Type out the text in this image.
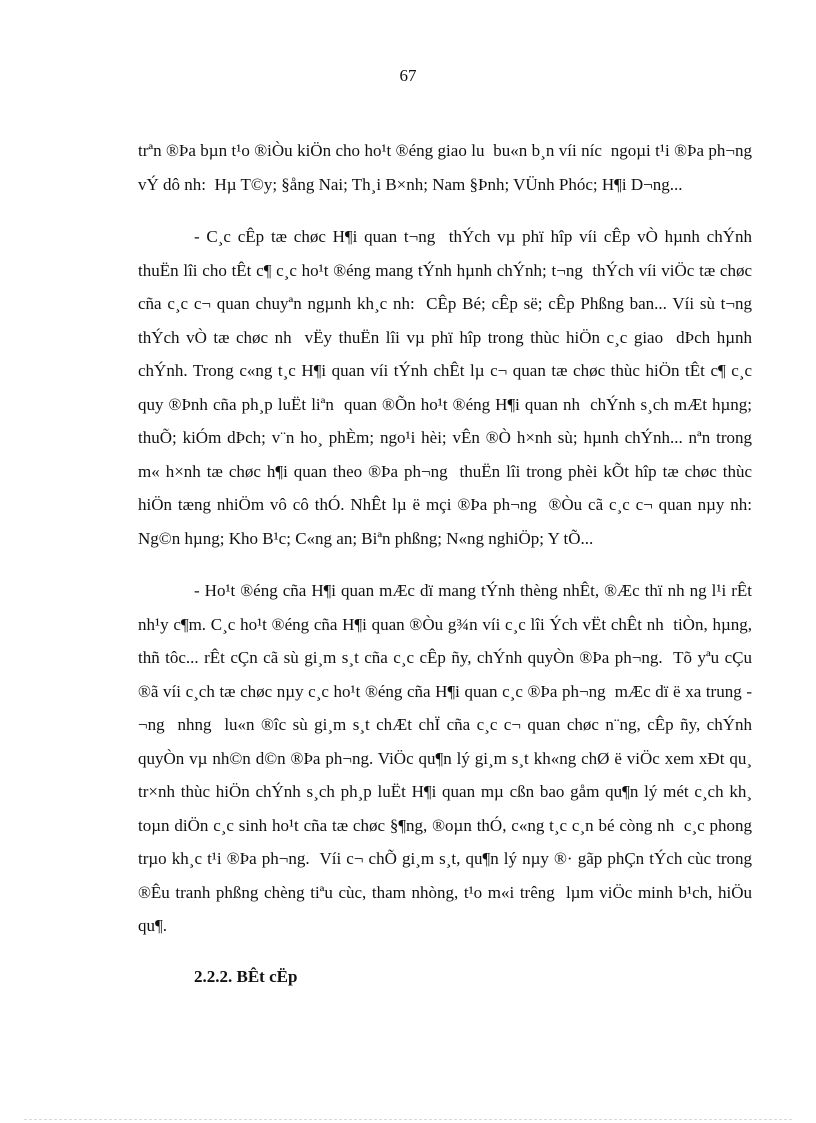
67

trªn ®Þa bµn t¹o ®iÒu kiÖn cho ho¹t ®éng giao lu  bu«n b¸n víi níc  ngoµi t¹i ®Þa ph¬ng  vÝ dô nh:  Hµ T©y; §ång Nai; Th¸i B×nh; Nam §Þnh; VÜnh Phóc; H¶i D¬ng...

- C¸c cÊp tæ chøc H¶i quan t¬ng  thÝch vµ phï hîp víi cÊp vÒ hµnh chÝnh thuËn lîi cho tÊt c¶ c¸c ho¹t ®éng mang tÝnh hµnh chÝnh; t¬ng  thÝch víi viÖc tæ chøc cña c¸c c¬ quan chuyªn ngµnh kh¸c nh:  CÊp Bé; cÊp së; cÊp Phßng ban... Víi sù t¬ng  thÝch vÒ tæ chøc nh  vËy thuËn lîi vµ phï hîp trong thùc hiÖn c¸c giao  dÞch hµnh chÝnh. Trong c«ng t¸c H¶i quan víi tÝnh chÊt lµ c¬ quan tæ chøc thùc hiÖn tÊt c¶ c¸c quy ®Þnh cña ph¸p luËt liªn  quan ®Õn ho¹t ®éng H¶i quan nh  chÝnh s¸ch mÆt hµng; thuÕ; kiÓm dÞch; v¨n ho¸ phÈm; ngo¹i hèi; vÊn ®Ò h×nh sù; hµnh chÝnh... nªn trong m« h×nh tæ chøc h¶i quan theo ®Þa ph¬ng  thuËn lîi trong phèi kÕt hîp tæ chøc thùc hiÖn tæng nhiÖm vô cô thÓ. NhÊt lµ ë mçi ®Þa ph¬ng  ®Òu cã c¸c c¬ quan nµy nh:  Ng©n hµng; Kho B¹c; C«ng an; Biªn phßng; N«ng nghiÖp; Y tÕ...

- Ho¹t ®éng cña H¶i quan mÆc dï mang tÝnh thèng nhÊt, ®Æc thï nh ng l¹i rÊt nh¹y c¶m. C¸c ho¹t ®éng cña H¶i quan ®Òu g¾n víi c¸c lîi Ých vËt chÊt nh  tiÒn, hµng, thñ tôc... rÊt cÇn cã sù gi¸m s¸t cña c¸c cÊp ñy, chÝnh quyÒn ®Þa ph¬ng.  Tõ yªu cÇu ®ã víi c¸ch tæ chøc nµy c¸c ho¹t ®éng cña H¶i quan c¸c ®Þa ph¬ng  mÆc dï ë xa trung ¬ng  nhng  lu«n ®îc sù gi¸m s¸t chÆt chÏ cña c¸c c¬ quan chøc n¨ng, cÊp ñy, chÝnh quyÒn vµ nh©n d©n ®Þa ph¬ng. ViÖc qu¶n lý gi¸m s¸t kh«ng chØ ë viÖc xem xÐt qu¸ tr×nh thùc hiÖn chÝnh s¸ch ph¸p luËt H¶i quan mµ cßn bao gåm qu¶n lý mét c¸ch kh¸ toµn diÖn c¸c sinh ho¹t cña tæ chøc §¶ng, ®oµn thÓ, c«ng t¸c c¸n bé còng nh  c¸c phong trµo kh¸c t¹i ®Þa ph¬ng.  Víi c¬ chÕ gi¸m s¸t, qu¶n lý nµy ®· gãp phÇn tÝch cùc trong ®Êu tranh phßng chèng tiªu cùc, tham nhòng, t¹o m«i trêng  lµm viÖc minh b¹ch, hiÖu qu¶.

2.2.2. BÊt cËp
